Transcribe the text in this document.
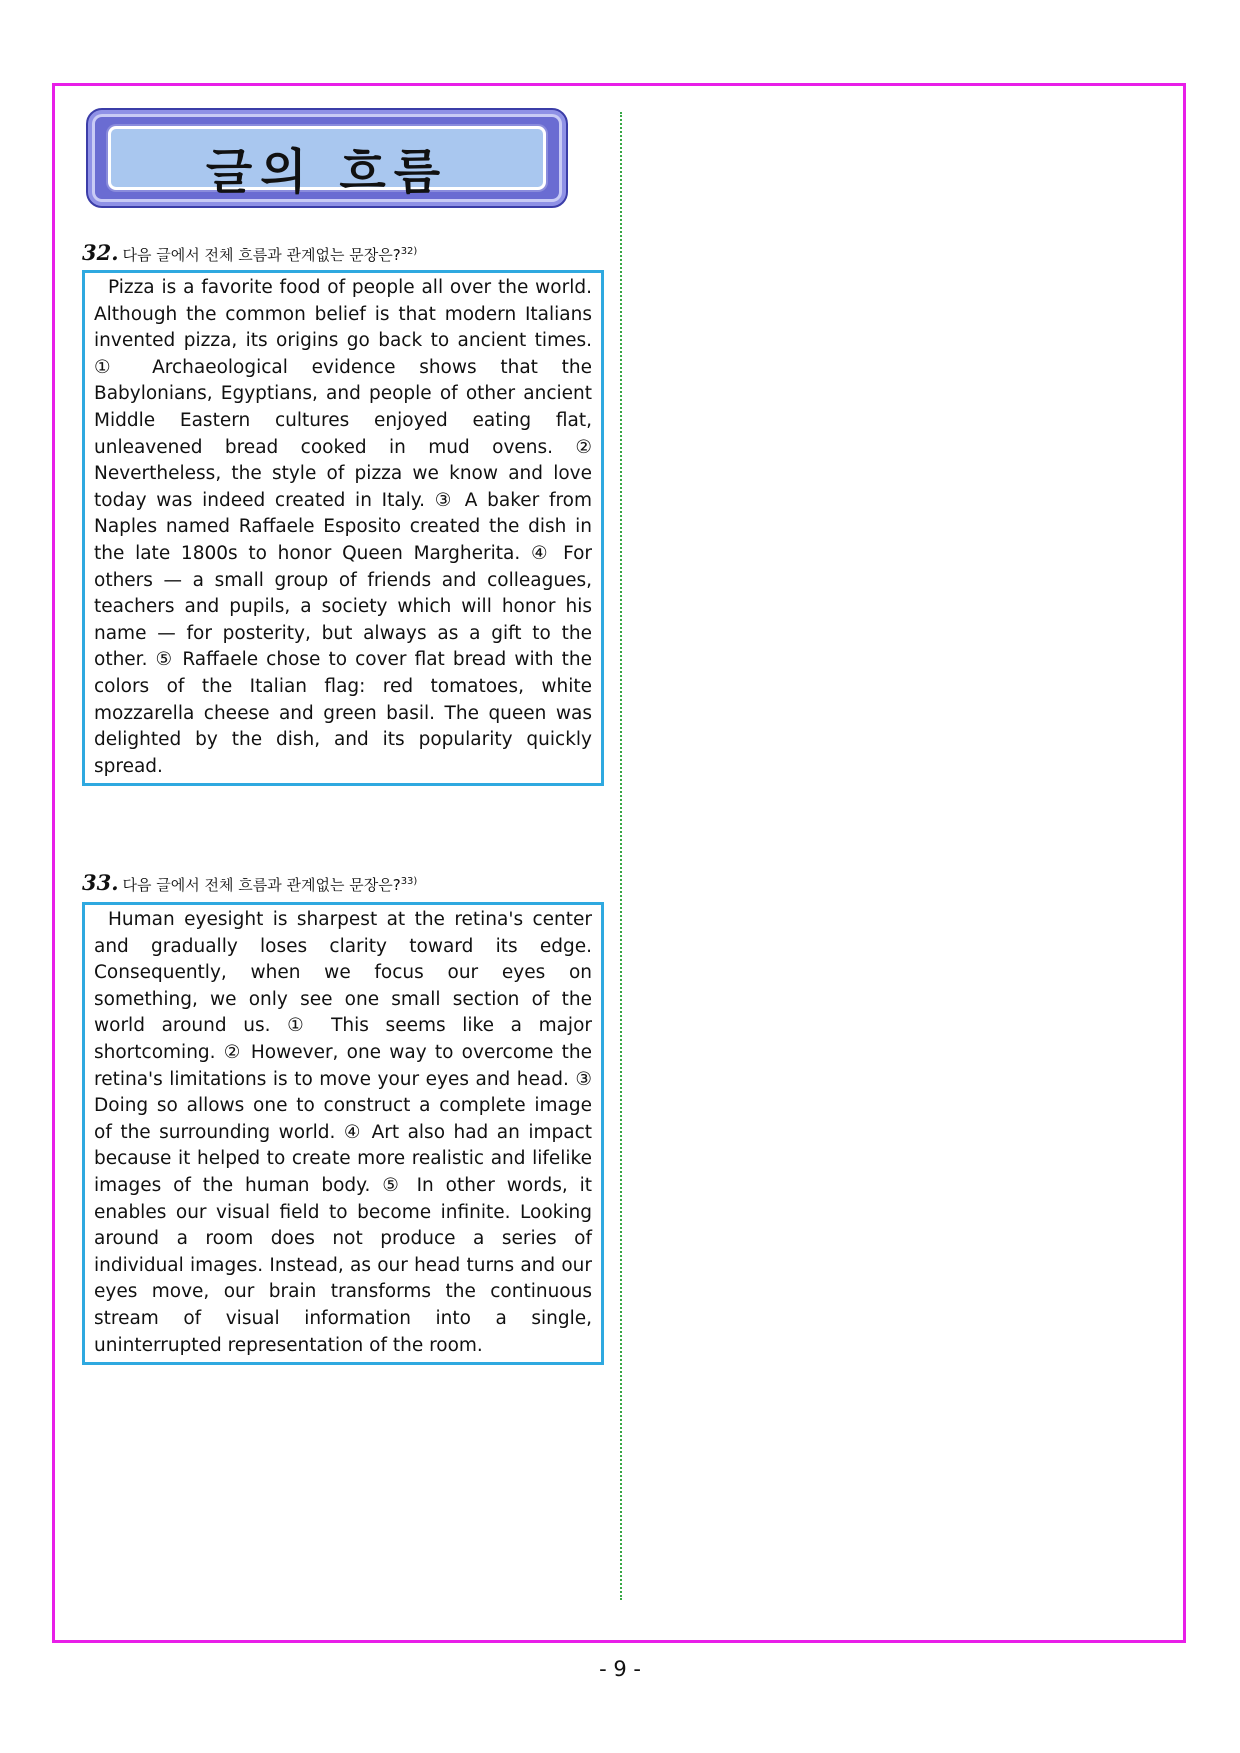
글의 흐름
32. 다음 글에서 전체 흐름과 관계없는 문장은?$^{32)}$

Pizza is a favorite food of people all over the world. Although the common belief is that modern Italians invented pizza, its origins go back to ancient times. ① Archaeological evidence shows that the Babylonians, Egyptians, and people of other ancient Middle Eastern cultures enjoyed eating flat, unleavened bread cooked in mud ovens. ② Nevertheless, the style of pizza we know and love today was indeed created in Italy. ③ A baker from Naples named Raffaele Esposito created the dish in the late 1800s to honor Queen Margherita. ④ For others — a small group of friends and colleagues, teachers and pupils, a society which will honor his name — for posterity, but always as a gift to the other. ⑤ Raffaele chose to cover flat bread with the colors of the Italian flag: red tomatoes, white mozzarella cheese and green basil. The queen was delighted by the dish, and its popularity quickly spread.

33. 다음 글에서 전체 흐름과 관계없는 문장은?$^{33)}$

Human eyesight is sharpest at the retina's center and gradually loses clarity toward its edge. Consequently, when we focus our eyes on something, we only see one small section of the world around us. ① This seems like a major shortcoming. ② However, one way to overcome the retina's limitations is to move your eyes and head. ③ Doing so allows one to construct a complete image of the surrounding world. ④ Art also had an impact because it helped to create more realistic and lifelike images of the human body. ⑤ In other words, it enables our visual field to become infinite. Looking around a room does not produce a series of individual images. Instead, as our head turns and our eyes move, our brain transforms the continuous stream of visual information into a single, uninterrupted representation of the room.

- 9 -
